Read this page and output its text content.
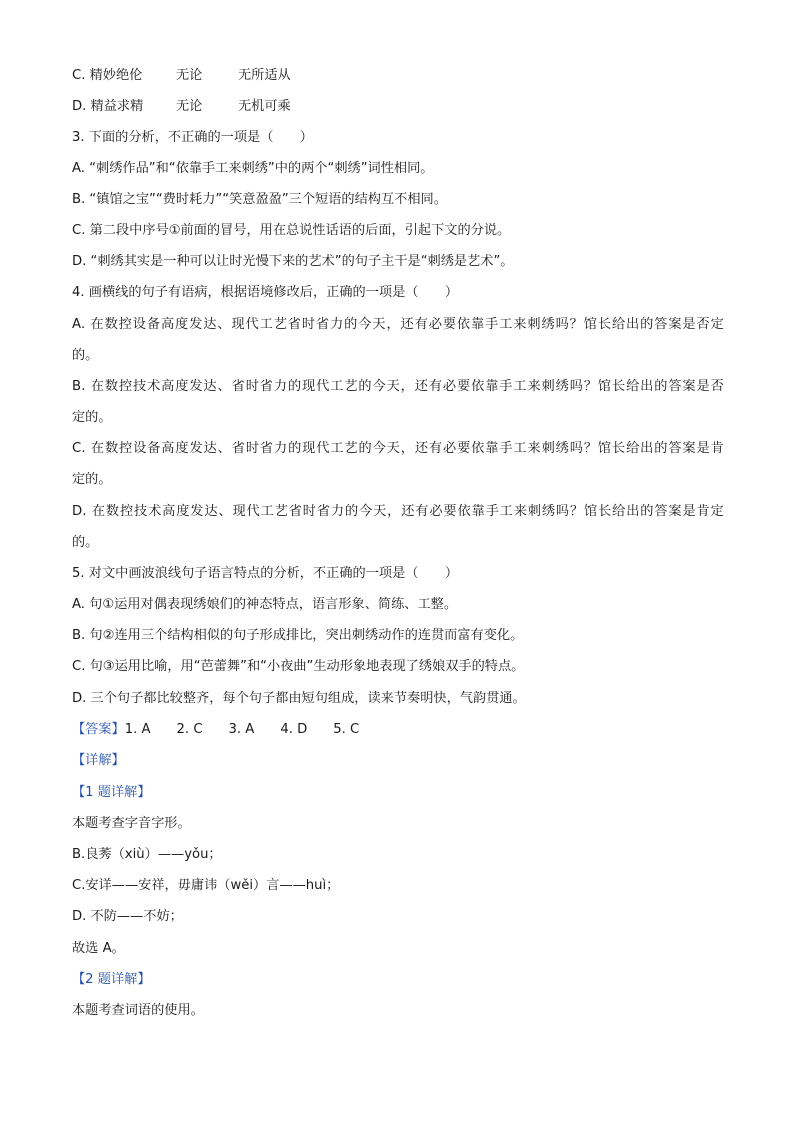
C. 精妙绝伦	无论	无所适从
D. 精益求精 无论	无机可乘
3. 下面的分析，不正确的一项是（　　）
A. “刺绣作品”和“依靠手工来刺绣”中的两个“刺绣”词性相同。
B. “镇馆之宝”“费时耗力”“笑意盈盈”三个短语的结构互不相同。
C. 第二段中序号①前面的冒号，用在总说性话语的后面，引起下文的分说。
D. “刺绣其实是一种可以让时光慢下来的艺术”的句子主干是“刺绣是艺术”。
4. 画横线的句子有语病，根据语境修改后，正确的一项是（　　）
A. 在数控设备高度发达、现代工艺省时省力的今天，还有必要依靠手工来刺绣吗？馆长给出的答案是否定
的。
B. 在数控技术高度发达、省时省力的现代工艺的今天，还有必要依靠手工来刺绣吗？馆长给出的答案是否
定的。
C. 在数控设备高度发达、省时省力的现代工艺的今天，还有必要依靠手工来刺绣吗？馆长给出的答案是肯
定的。
D. 在数控技术高度发达、现代工艺省时省力的今天，还有必要依靠手工来刺绣吗？馆长给出的答案是肯定
的。
5. 对文中画波浪线句子语言特点的分析，不正确的一项是（　　）
A. 句①运用对偶表现绣娘们的神态特点，语言形象、简练、工整。
B. 句②连用三个结构相似的句子形成排比，突出刺绣动作的连贯而富有变化。
C. 句③运用比喻，用“芭蕾舞”和“小夜曲”生动形象地表现了绣娘双手的特点。
D. 三个句子都比较整齐，每个句子都由短句组成，读来节奏明快，气韵贯通。
【答案】1. A 2. C 3. A 4. D 5. C
【详解】
【1 题详解】
本题考查字音字形。
B.良莠（xiù）——yǒu；
C.安详——安祥，毋庸讳（wěi）言——huì；
D. 不防——不妨；
故选 A。
【2 题详解】
本题考查词语的使用。
